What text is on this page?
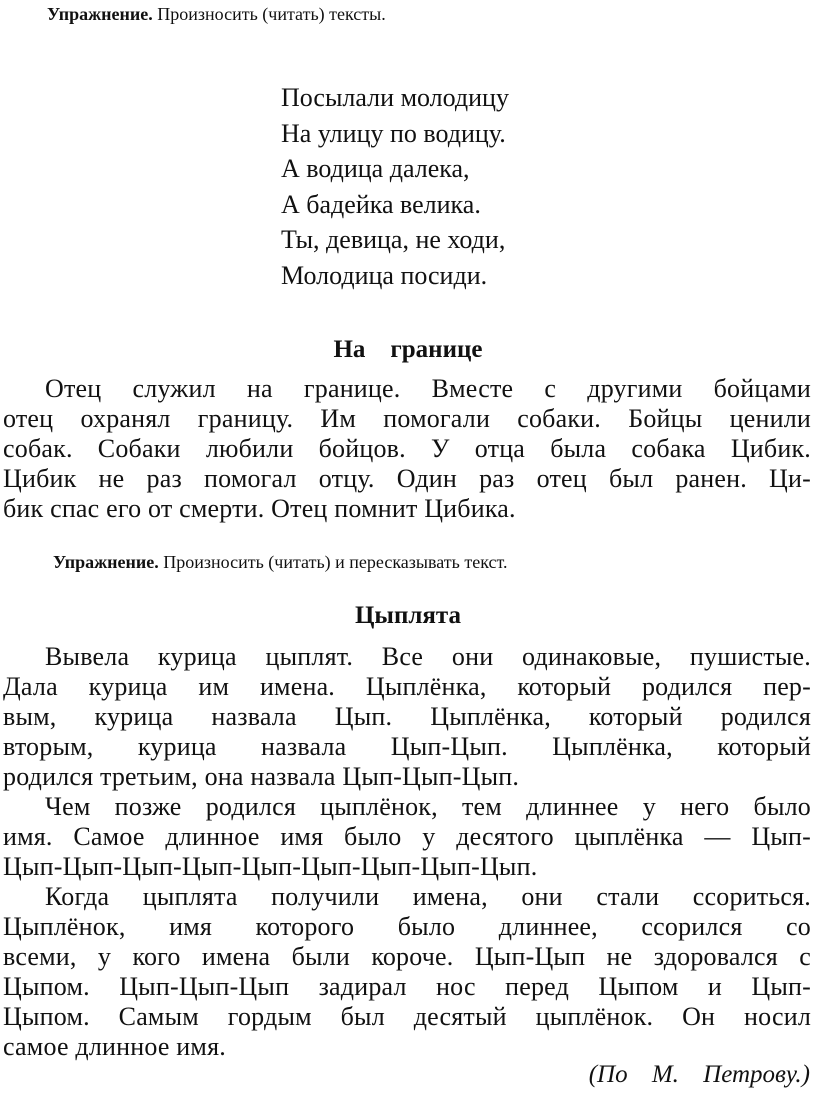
Упражнение. Произносить (читать) тексты.
Посылали молодицу
На улицу по водицу.
А водица далека,
А бадейка велика.
Ты, девица, не ходи,
Молодица посиди.
На    границе
Отец служил на границе. Вместе с другими бойцами
отец охранял границу. Им помогали собаки. Бойцы ценили
собак. Собаки любили бойцов. У отца была собака Цибик.
Цибик не раз помогал отцу. Один раз отец был ранен. Ци-
бик спас его от смерти. Отец помнит Цибика.
Упражнение. Произносить (читать) и пересказывать текст.
Цыплята
Вывела курица цыплят. Все они одинаковые, пушистые.
Дала курица им имена. Цыплёнка, который родился пер-
вым, курица назвала Цып. Цыплёнка, который родился
вторым, курица назвала Цып-Цып. Цыплёнка, который
родился третьим, она назвала Цып-Цып-Цып.
Чем позже родился цыплёнок, тем длиннее у него было
имя. Самое длинное имя было у десятого цыплёнка — Цып-
Цып-Цып-Цып-Цып-Цып-Цып-Цып-Цып-Цып.
Когда цыплята получили имена, они стали ссориться.
Цыплёнок, имя которого было длиннее, ссорился со
всеми, у кого имена были короче. Цып-Цып не здоровался с
Цыпом. Цып-Цып-Цып задирал нос перед Цыпом и Цып-
Цыпом. Самым гордым был десятый цыплёнок. Он носил
самое длинное имя.
(По М. Петрову.)
